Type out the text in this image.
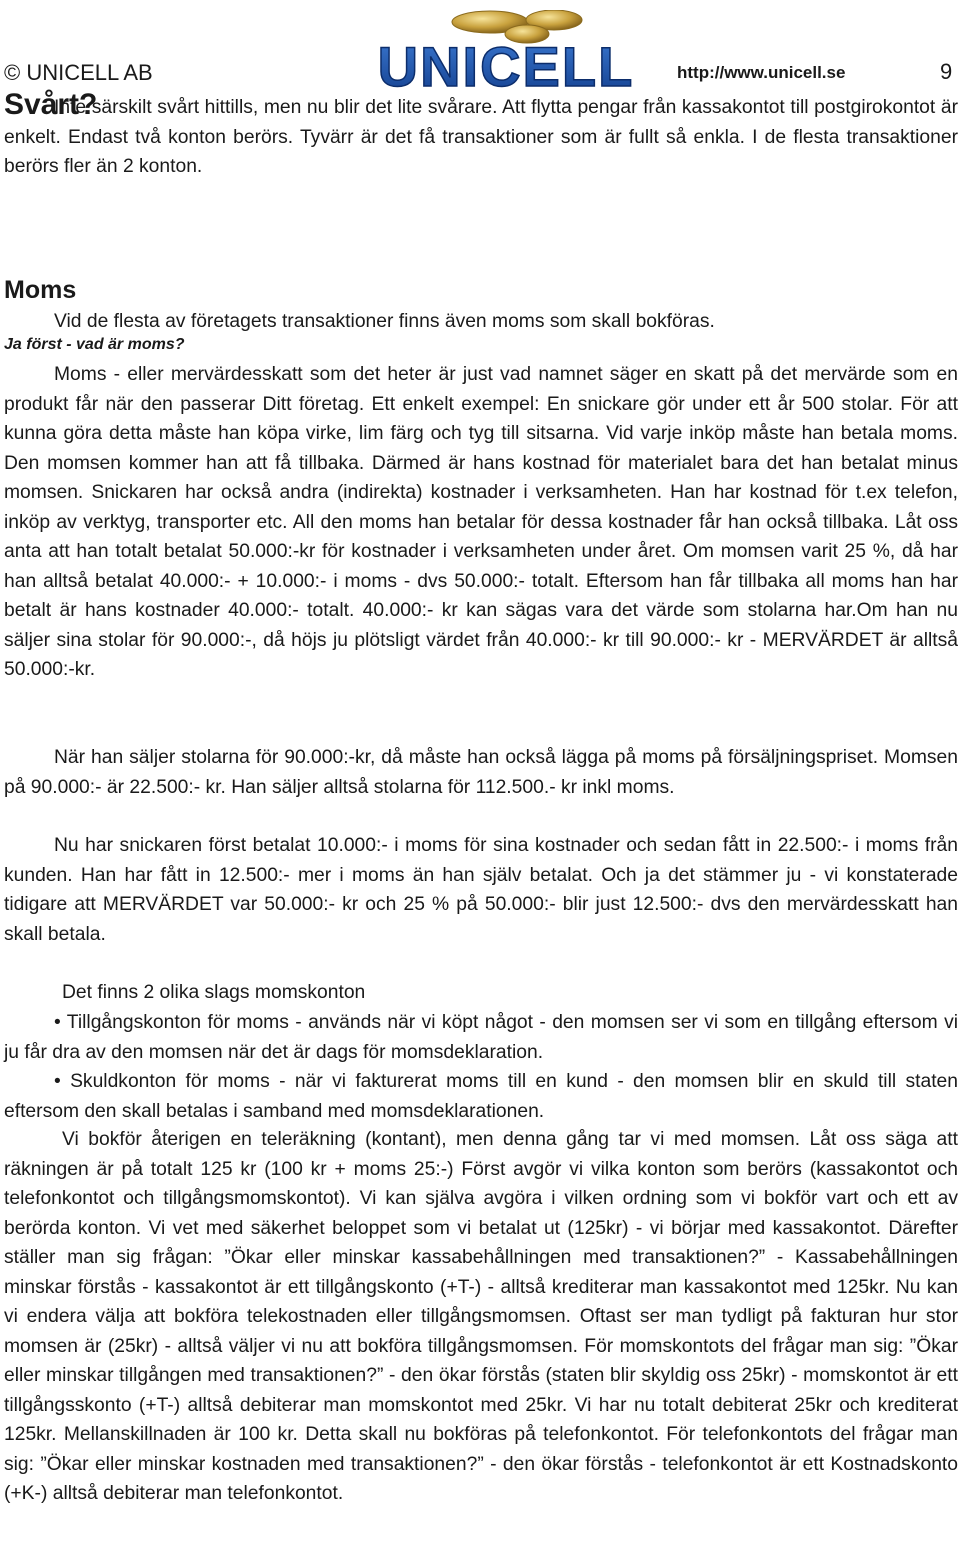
© UNICELL AB	http://www.unicell.se	9
UNICELL
Svårt?

Inte särskilt svårt hittills, men nu blir det lite svårare. Att flytta pengar från kassakontot till postgirokontot är enkelt. Endast två konton berörs. Tyvärr är det få transaktioner som är fullt så enkla. I de flesta transaktioner berörs fler än 2 konton.

Moms

Vid de flesta av företagets transaktioner finns även moms som skall bokföras.

Ja först - vad är moms?

Moms - eller mervärdesskatt som det heter är just vad namnet säger en skatt på det mervärde som en produkt får när den passerar Ditt företag. Ett enkelt exempel: En snickare gör under ett år 500 stolar. För att kunna göra detta måste han köpa virke, lim färg och tyg till sitsarna. Vid varje inköp måste han betala moms. Den momsen kommer han att få tillbaka. Därmed är hans kostnad för materialet bara det han betalat minus momsen. Snickaren har också andra (indirekta) kostnader i verksamheten. Han har kostnad för t.ex telefon, inköp av verktyg, transporter etc. All den moms han betalar för dessa kostnader får han också tillbaka. Låt oss anta att han totalt betalat 50.000:-kr för kostnader i verksamheten under året. Om momsen varit 25 %, då har han alltså betalat 40.000:- + 10.000:- i moms - dvs 50.000:- totalt. Eftersom han får tillbaka all moms han har betalt är hans kostnader 40.000:- totalt. 40.000:- kr kan sägas vara det värde som stolarna har.Om han nu säljer sina stolar för 90.000:-, då höjs ju plötsligt värdet från 40.000:- kr till 90.000:- kr - MERVÄRDET är alltså 50.000:-kr.

När han säljer stolarna för 90.000:-kr, då måste han också lägga på moms på försäljningspriset. Momsen på 90.000:- är 22.500:- kr. Han säljer alltså stolarna för 112.500.- kr inkl moms.

Nu har snickaren först betalat 10.000:- i moms för sina kostnader och sedan fått in 22.500:- i moms från kunden. Han har fått in 12.500:- mer i moms än han själv betalat. Och ja det stämmer ju - vi konstaterade tidigare att MERVÄRDET var 50.000:- kr och 25 % på 50.000:- blir just 12.500:- dvs den mervärdesskatt han skall betala.

Det finns 2 olika slags momskonton

• Tillgångskonton för moms - används när vi köpt något - den momsen ser vi som en tillgång eftersom vi ju får dra av den momsen när det är dags för momsdeklaration.

• Skuldkonton för moms - när vi fakturerat moms till en kund - den momsen blir en skuld till staten eftersom den skall betalas i samband med momsdeklarationen.

Vi bokför återigen en teleräkning (kontant), men denna gång tar vi med momsen. Låt oss säga att räkningen är på totalt 125 kr (100 kr + moms 25:-) Först avgör vi vilka konton som berörs (kassakontot och telefonkontot och tillgångsmomskontot). Vi kan själva avgöra i vilken ordning som vi bokför vart och ett av berörda konton. Vi vet med säkerhet beloppet som vi betalat ut (125kr) - vi börjar med kassakontot. Därefter ställer man sig frågan: ”Ökar eller minskar kassabehållningen med transaktionen?” - Kassabehållningen minskar förstås - kassakontot är ett tillgångskonto (+T-) - alltså krediterar man kassakontot med 125kr. Nu kan vi endera välja att bokföra telekostnaden eller tillgångsmomsen. Oftast ser man tydligt på fakturan hur stor momsen är (25kr) - alltså väljer vi nu att bokföra tillgångsmomsen. För momskontots del frågar man sig: ”Ökar eller minskar tillgången med transaktionen?” - den ökar förstås (staten blir skyldig oss 25kr) - momskontot är ett tillgångsskonto (+T-) alltså debiterar man momskontot med 25kr. Vi har nu totalt debiterat 25kr och krediterat 125kr. Mellanskillnaden är 100 kr. Detta skall nu bokföras på telefonkontot. För telefonkontots del frågar man sig: ”Ökar eller minskar kostnaden med transaktionen?” - den ökar förstås - telefonkontot är ett Kostnadskonto (+K-) alltså debiterar man telefonkontot.
